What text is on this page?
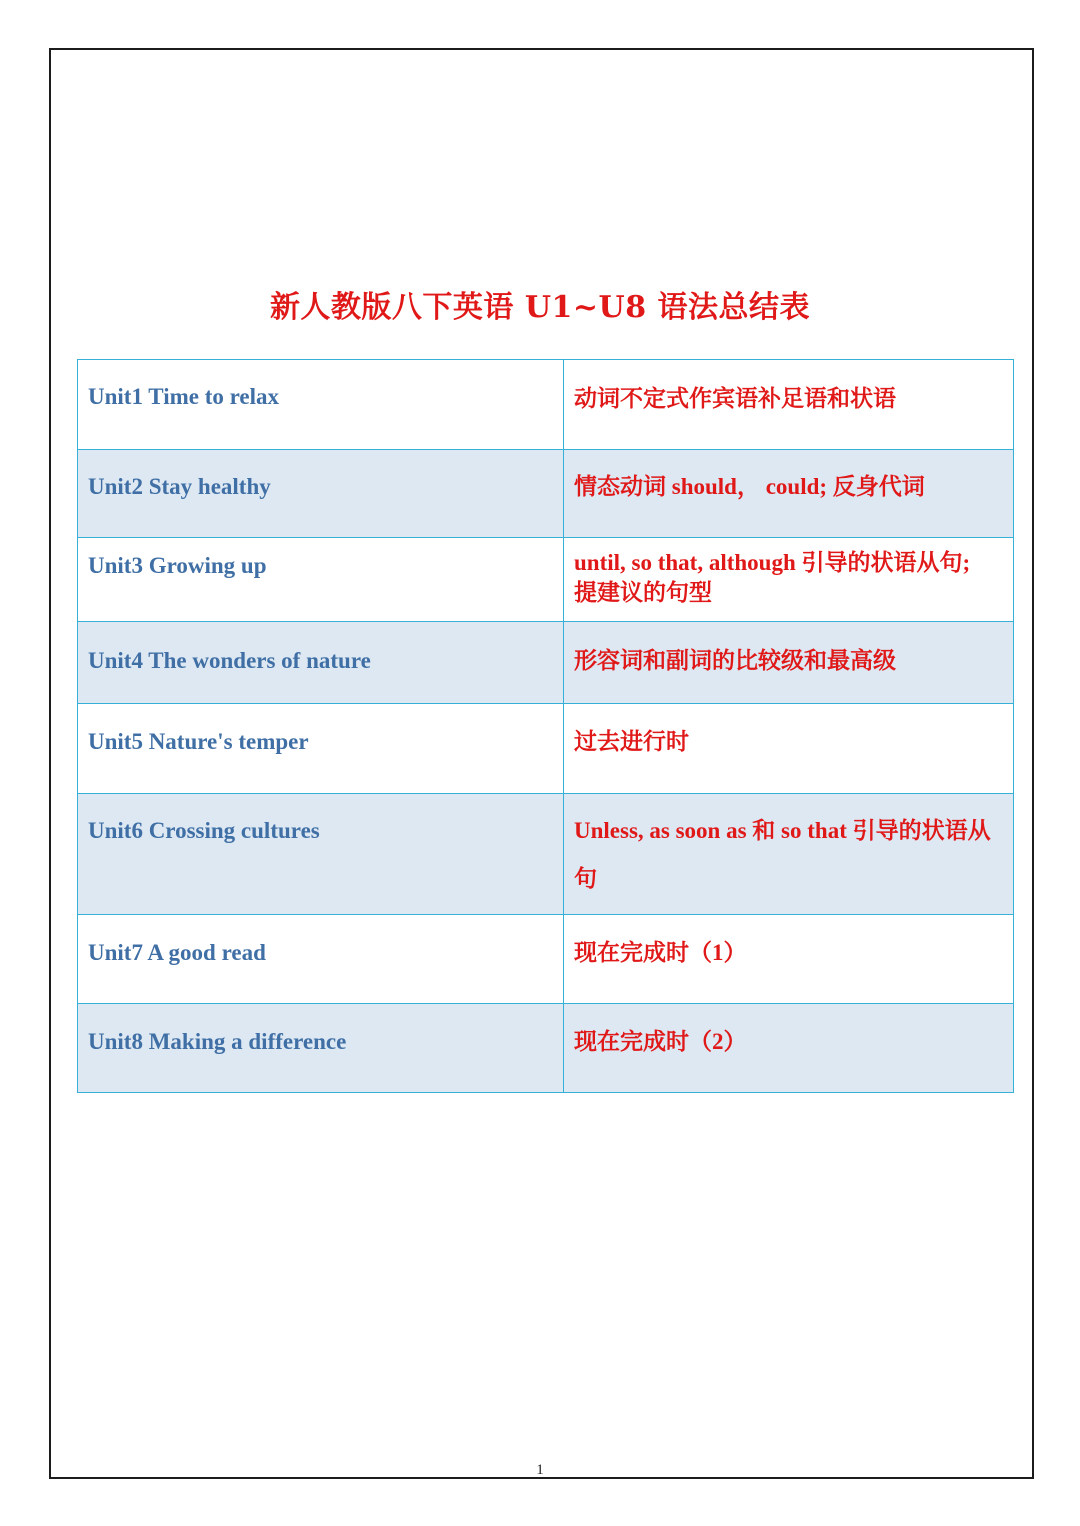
新人教版八下英语 U1~U8 语法总结表
Unit1 Time to relax	动词不定式作宾语补足语和状语

Unit2 Stay healthy	情态动词 should， could; 反身代词

Unit3 Growing up	until, so that, although 引导的状语从句;提建议的句型

Unit4 The wonders of nature	形容词和副词的比较级和最高级

Unit5 Nature's temper	过去进行时

Unit6 Crossing cultures	Unless, as soon as 和 so that 引导的状语从句

Unit7 A good read	现在完成时（1）

Unit8 Making a difference	现在完成时（2）
1
